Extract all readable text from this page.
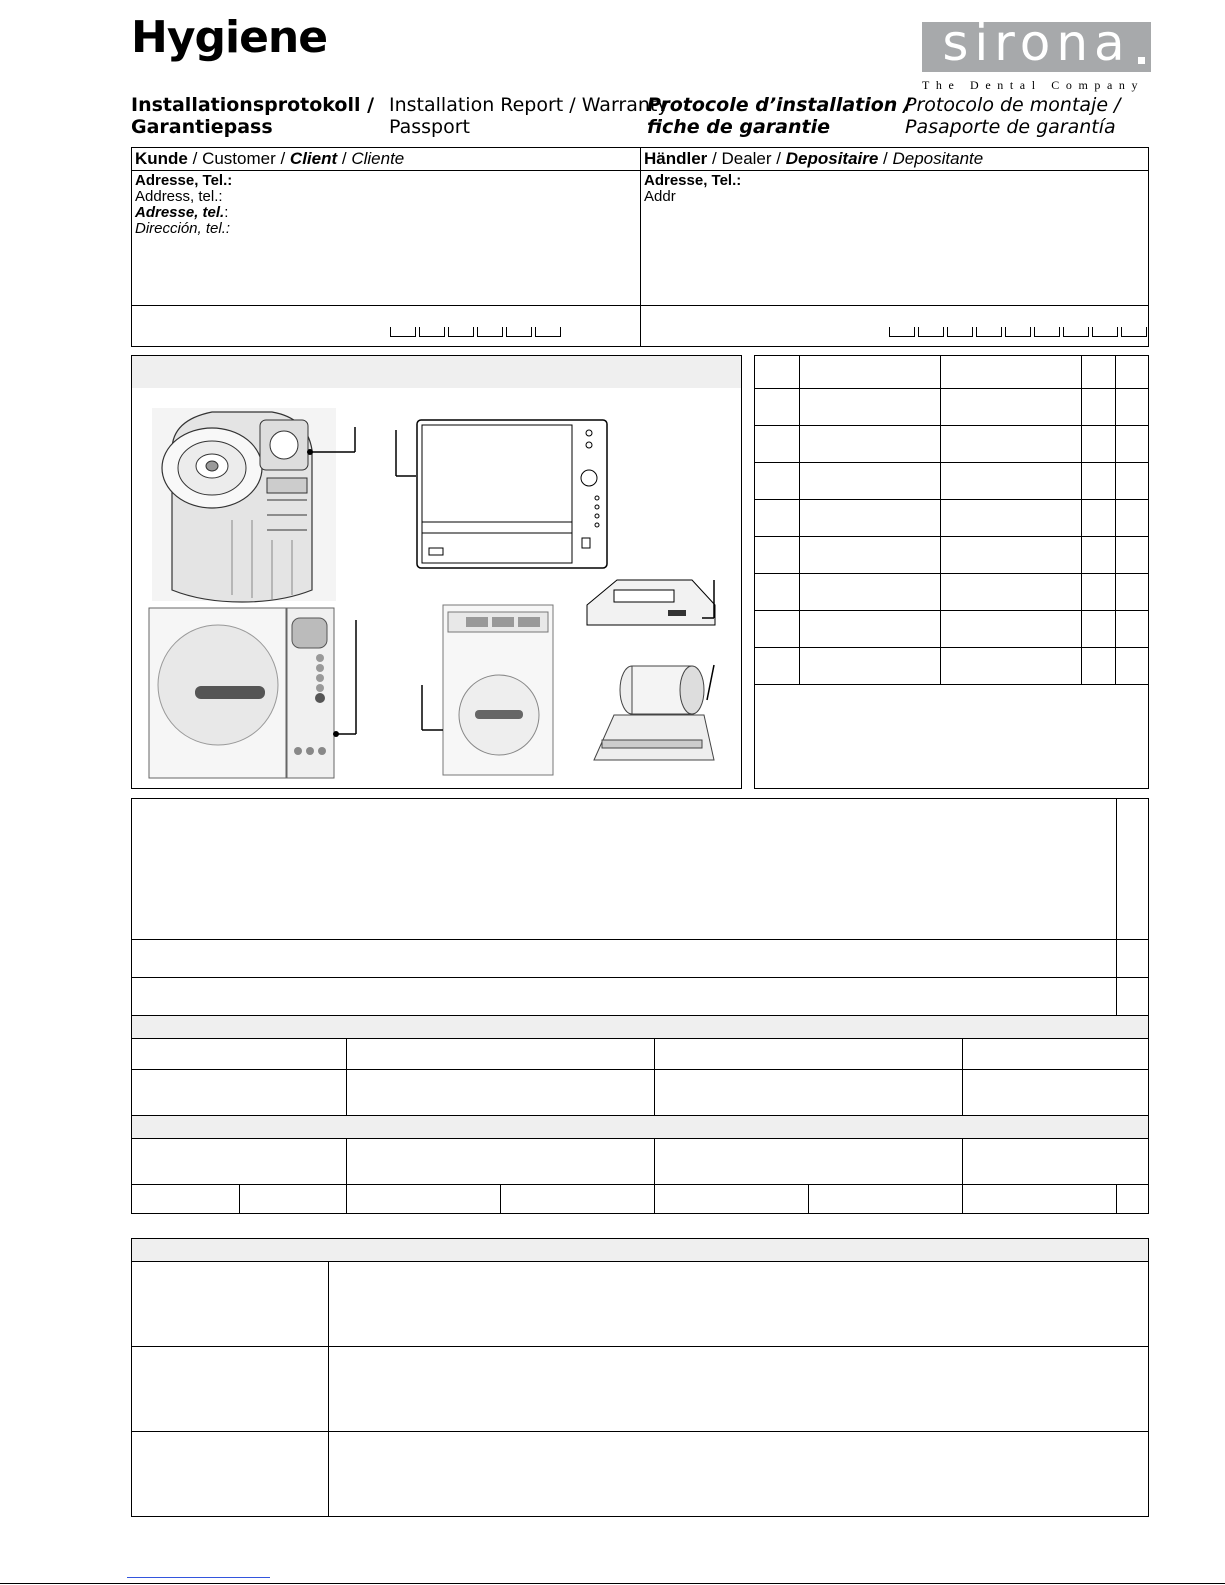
Hygiene	sirona
The Dental Company
Installationsprotokoll /
Garantiepass
Installation Report / Warranty
Passport
Protocole d’installation /
fiche de garantie
Protocolo de montaje /
Pasaporte de garantía
Kunde / Customer / Client / Cliente	Händler / Dealer / Depositaire / Depositante
Adresse, Tel.:
Address, tel.:
Adresse, tel.:
Dirección, tel.:
Adresse, Tel.:
Addr
